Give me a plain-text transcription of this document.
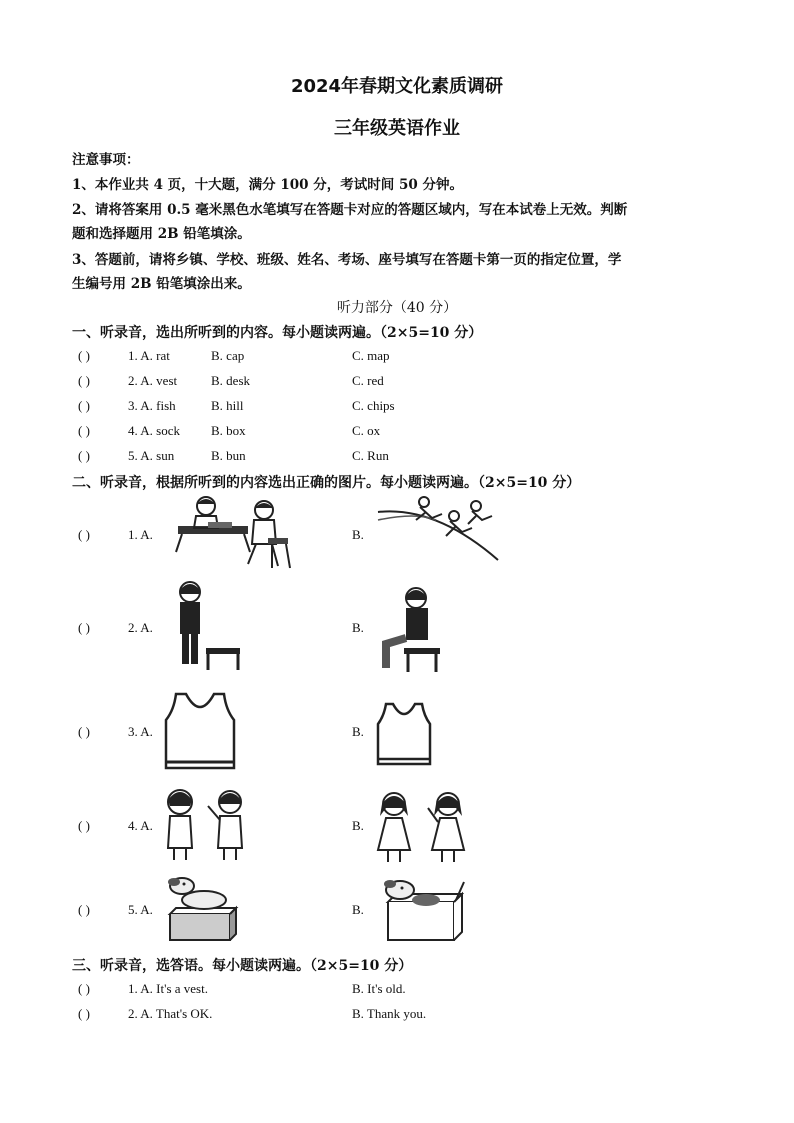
2024年春期文化素质调研
三年级英语作业
注意事项：
1、本作业共 4 页，十大题，满分 100 分，考试时间 50 分钟。
2、请将答案用 0.5 毫米黑色水笔填写在答题卡对应的答题区域内，写在本试卷上无效。判断
题和选择题用 2B 铅笔填涂。
3、答题前，请将乡镇、学校、班级、姓名、考场、座号填写在答题卡第一页的指定位置，学
生编号用 2B 铅笔填涂出来。
听力部分（40 分）
一、听录音，选出所听到的内容。每小题读两遍。（2×5=10 分）
( )	1. A. rat	B. cap	C. map
( )	2. A. vest	B. desk	C. red
( )	3. A. fish	B. hill	C. chips
( )	4. A. sock B. box	C. ox
( )	5. A. sun	B. bun	C. Run
二、听录音，根据所听到的内容选出正确的图片。每小题读两遍。（2×5=10 分）
( )	1. A.	B.
( )	2. A.	B.
( )	3. A.	B.
( )	4. A.	B.
( )	5. A.	B.
三、听录音，选答语。每小题读两遍。（2×5=10 分）
( )	1. A. It's a vest.	B. It's old.
( )	2. A. That's OK.	B. Thank you.
